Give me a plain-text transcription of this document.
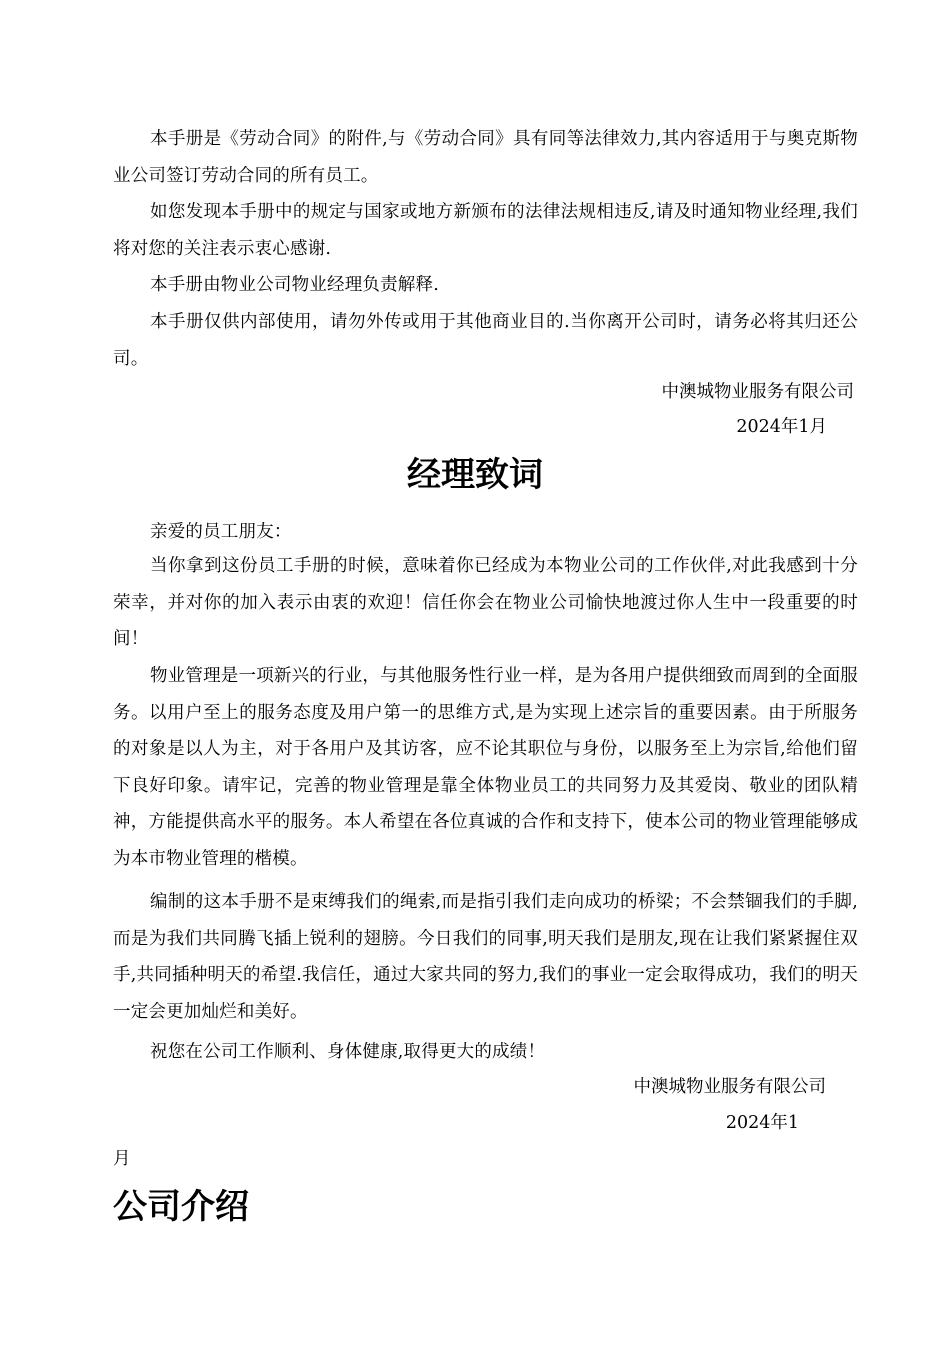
本手册是《劳动合同》的附件,与《劳动合同》具有同等法律效力,其内容适用于与奥克斯物业公司签订劳动合同的所有员工。

如您发现本手册中的规定与国家或地方新颁布的法律法规相违反,请及时通知物业经理,我们将对您的关注表示衷心感谢.

本手册由物业公司物业经理负责解释.

本手册仅供内部使用，请勿外传或用于其他商业目的.当你离开公司时，请务必将其归还公司。

中澳城物业服务有限公司

2024年1月

经理致词

亲爱的员工朋友：

当你拿到这份员工手册的时候，意味着你已经成为本物业公司的工作伙伴,对此我感到十分荣幸，并对你的加入表示由衷的欢迎！信任你会在物业公司愉快地渡过你人生中一段重要的时间！

物业管理是一项新兴的行业，与其他服务性行业一样，是为各用户提供细致而周到的全面服务。以用户至上的服务态度及用户第一的思维方式,是为实现上述宗旨的重要因素。由于所服务的对象是以人为主，对于各用户及其访客，应不论其职位与身份，以服务至上为宗旨,给他们留下良好印象。请牢记，完善的物业管理是靠全体物业员工的共同努力及其爱岗、敬业的团队精神，方能提供高水平的服务。本人希望在各位真诚的合作和支持下，使本公司的物业管理能够成为本市物业管理的楷模。

编制的这本手册不是束缚我们的绳索,而是指引我们走向成功的桥梁；不会禁锢我们的手脚,而是为我们共同腾飞插上锐利的翅膀。今日我们的同事,明天我们是朋友,现在让我们紧紧握住双手,共同插种明天的希望.我信任，通过大家共同的努力,我们的事业一定会取得成功，我们的明天一定会更加灿烂和美好。

祝您在公司工作顺利、身体健康,取得更大的成绩！

中澳城物业服务有限公司

2024年1

月

公司介绍
